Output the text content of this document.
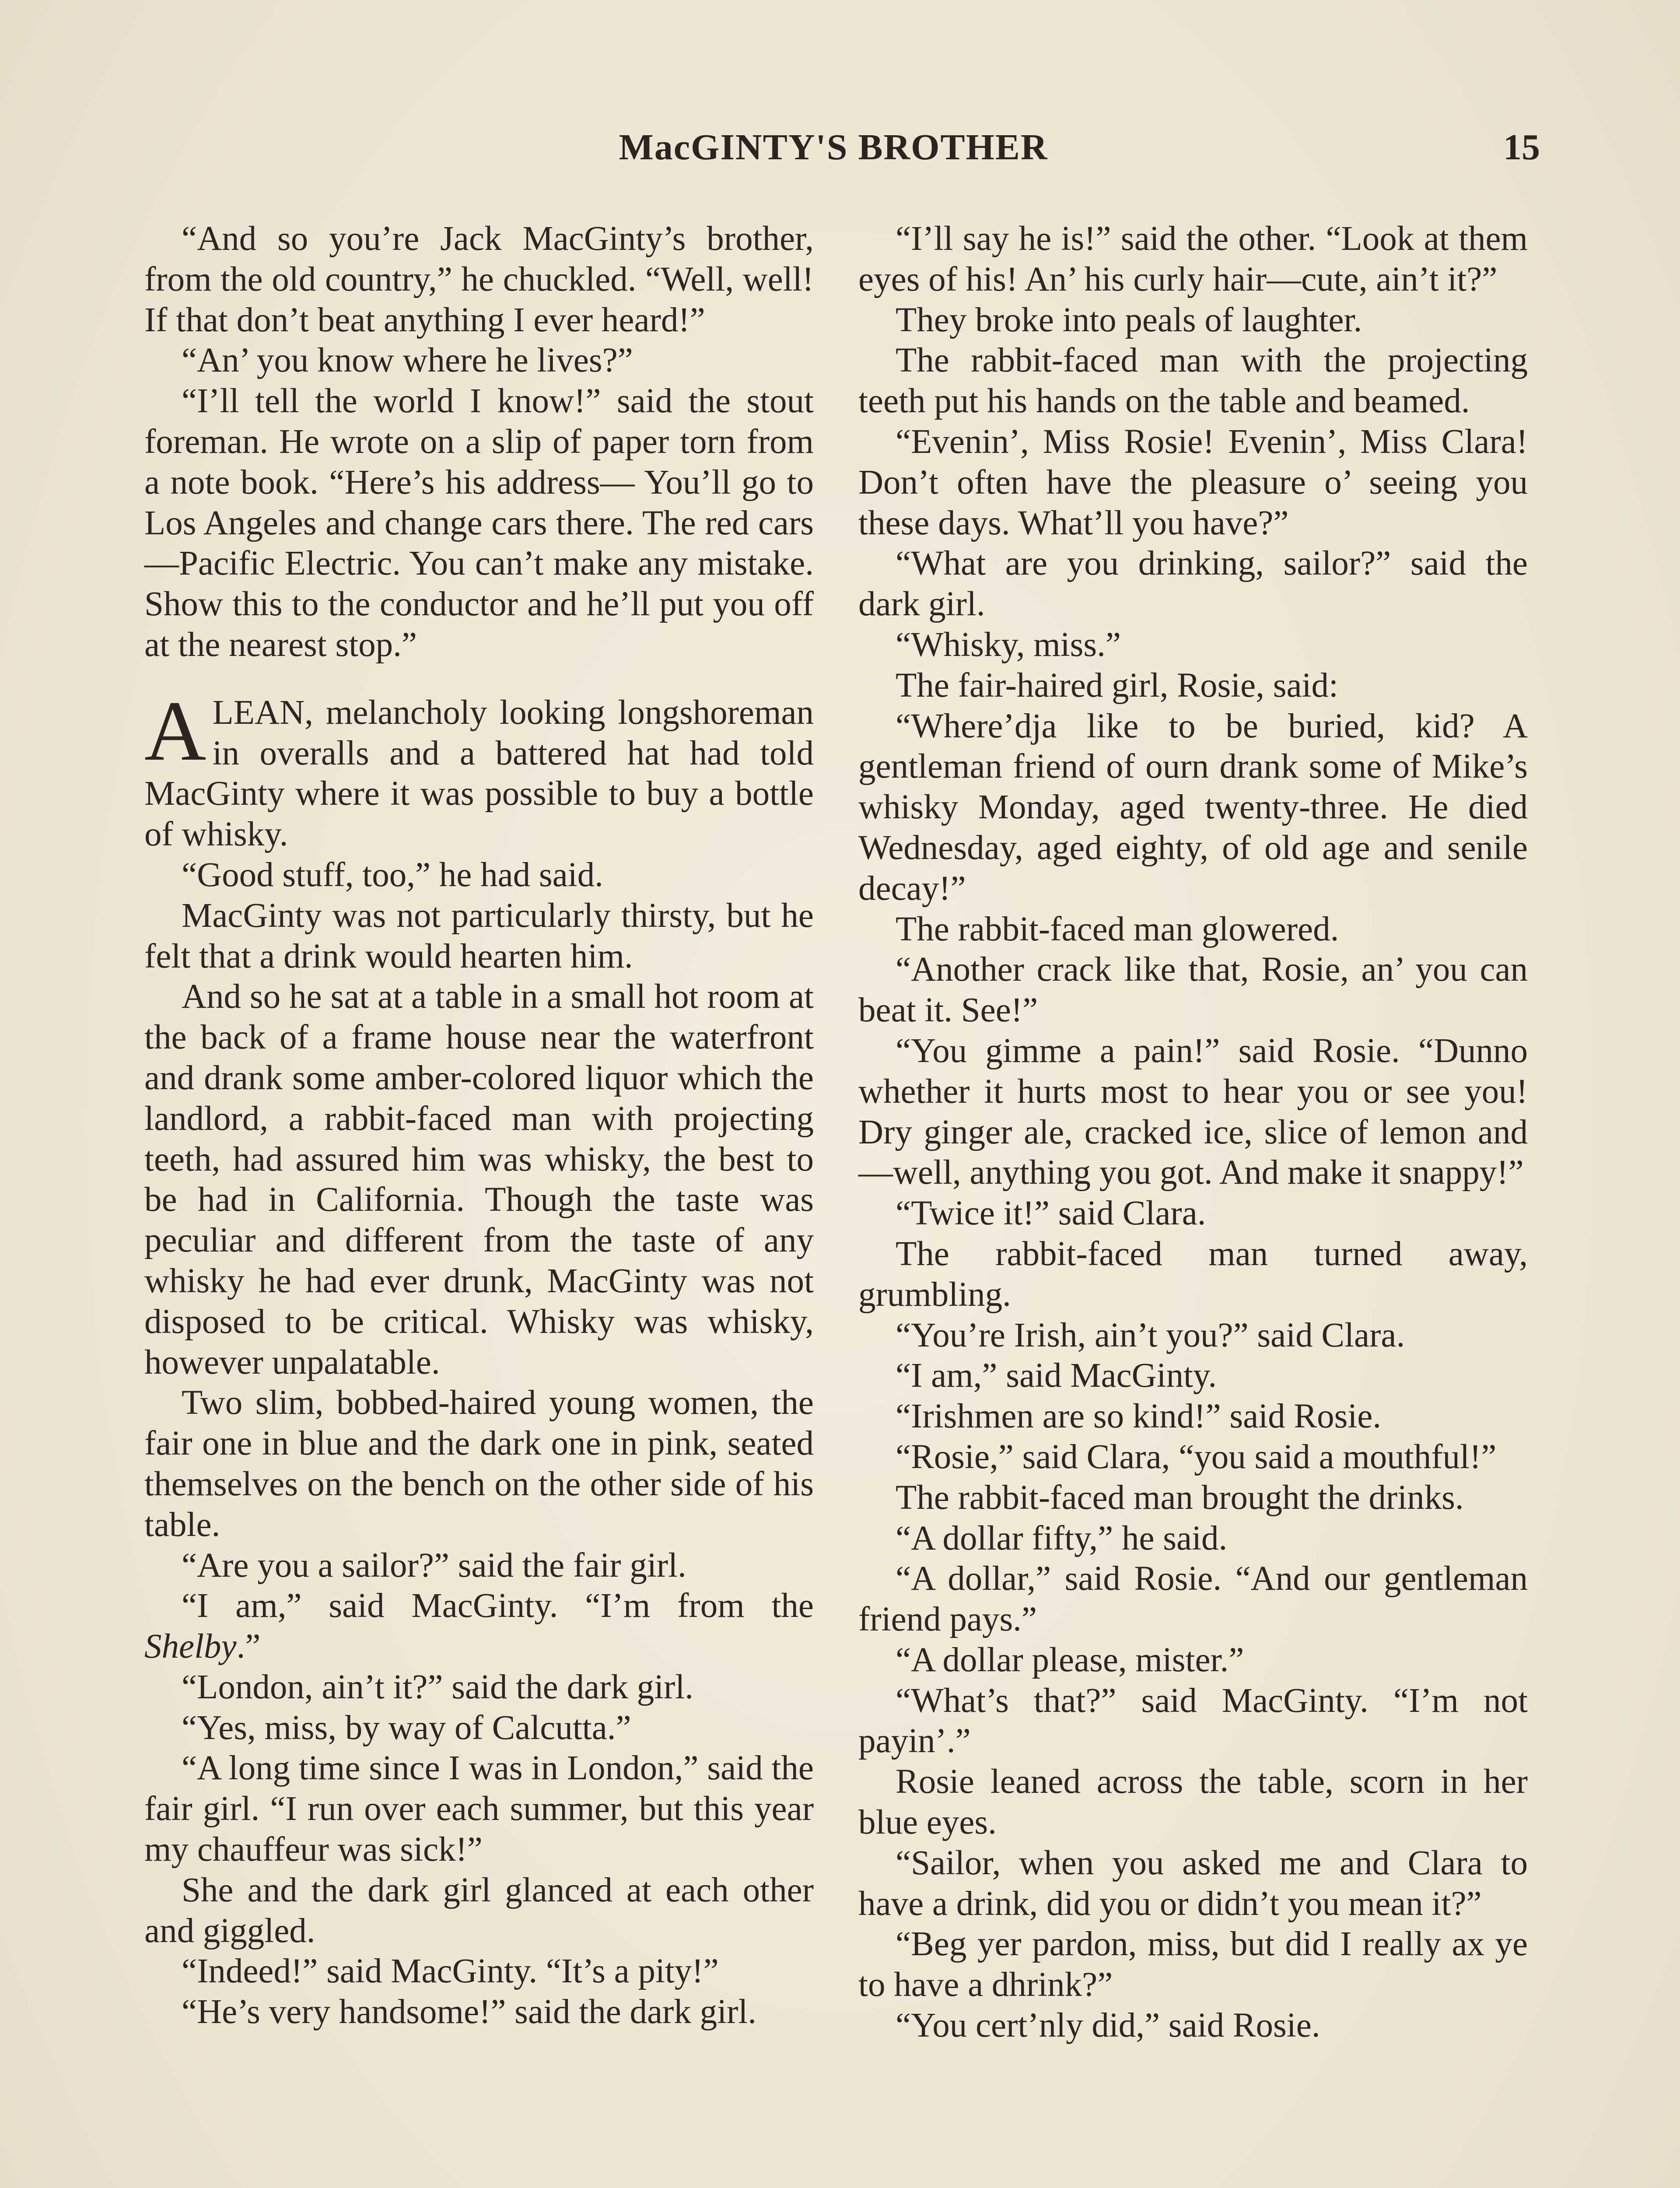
MacGINTY'S BROTHER	15

“And so you’re Jack MacGinty’s brother, from the old country,” he chuckled. “Well, well! If that don’t beat anything I ever heard!”

“An’ you know where he lives?”

“I’ll tell the world I know!” said the stout foreman. He wrote on a slip of paper torn from a note book. “Here’s his address— You’ll go to Los Angeles and change cars there. The red cars—Pacific Electric. You can’t make any mistake. Show this to the conductor and he’ll put you off at the nearest stop.”

ALEAN, melancholy looking longshoreman in overalls and a battered hat had told MacGinty where it was possible to buy a bottle of whisky.

“Good stuff, too,” he had said.

MacGinty was not particularly thirsty, but he felt that a drink would hearten him.

And so he sat at a table in a small hot room at the back of a frame house near the waterfront and drank some amber-colored liquor which the landlord, a rabbit-faced man with projecting teeth, had assured him was whisky, the best to be had in California. Though the taste was peculiar and different from the taste of any whisky he had ever drunk, MacGinty was not disposed to be critical. Whisky was whisky, however unpalatable.

Two slim, bobbed-haired young women, the fair one in blue and the dark one in pink, seated themselves on the bench on the other side of his table.

“Are you a sailor?” said the fair girl.

“I am,” said MacGinty. “I’m from the Shelby.”

“London, ain’t it?” said the dark girl.

“Yes, miss, by way of Calcutta.”

“A long time since I was in London,” said the fair girl. “I run over each summer, but this year my chauffeur was sick!”

She and the dark girl glanced at each other and giggled.

“Indeed!” said MacGinty. “It’s a pity!”

“He’s very handsome!” said the dark girl.

“I’ll say he is!” said the other. “Look at them eyes of his! An’ his curly hair—cute, ain’t it?”

They broke into peals of laughter.

The rabbit-faced man with the projecting teeth put his hands on the table and beamed.

“Evenin’, Miss Rosie! Evenin’, Miss Clara! Don’t often have the pleasure o’ seeing you these days. What’ll you have?”

“What are you drinking, sailor?” said the dark girl.

“Whisky, miss.”

The fair-haired girl, Rosie, said:

“Where’dja like to be buried, kid? A gentleman friend of ourn drank some of Mike’s whisky Monday, aged twenty-three. He died Wednesday, aged eighty, of old age and senile decay!”

The rabbit-faced man glowered.

“Another crack like that, Rosie, an’ you can beat it. See!”

“You gimme a pain!” said Rosie. “Dunno whether it hurts most to hear you or see you! Dry ginger ale, cracked ice, slice of lemon and—well, anything you got. And make it snappy!”

“Twice it!” said Clara.

The rabbit-faced man turned away, grumbling.

“You’re Irish, ain’t you?” said Clara.

“I am,” said MacGinty.

“Irishmen are so kind!” said Rosie.

“Rosie,” said Clara, “you said a mouthful!”

The rabbit-faced man brought the drinks.

“A dollar fifty,” he said.

“A dollar,” said Rosie. “And our gentleman friend pays.”

“A dollar please, mister.”

“What’s that?” said MacGinty. “I’m not payin’.”

Rosie leaned across the table, scorn in her blue eyes.

“Sailor, when you asked me and Clara to have a drink, did you or didn’t you mean it?”

“Beg yer pardon, miss, but did I really ax ye to have a dhrink?”

“You cert’nly did,” said Rosie.
